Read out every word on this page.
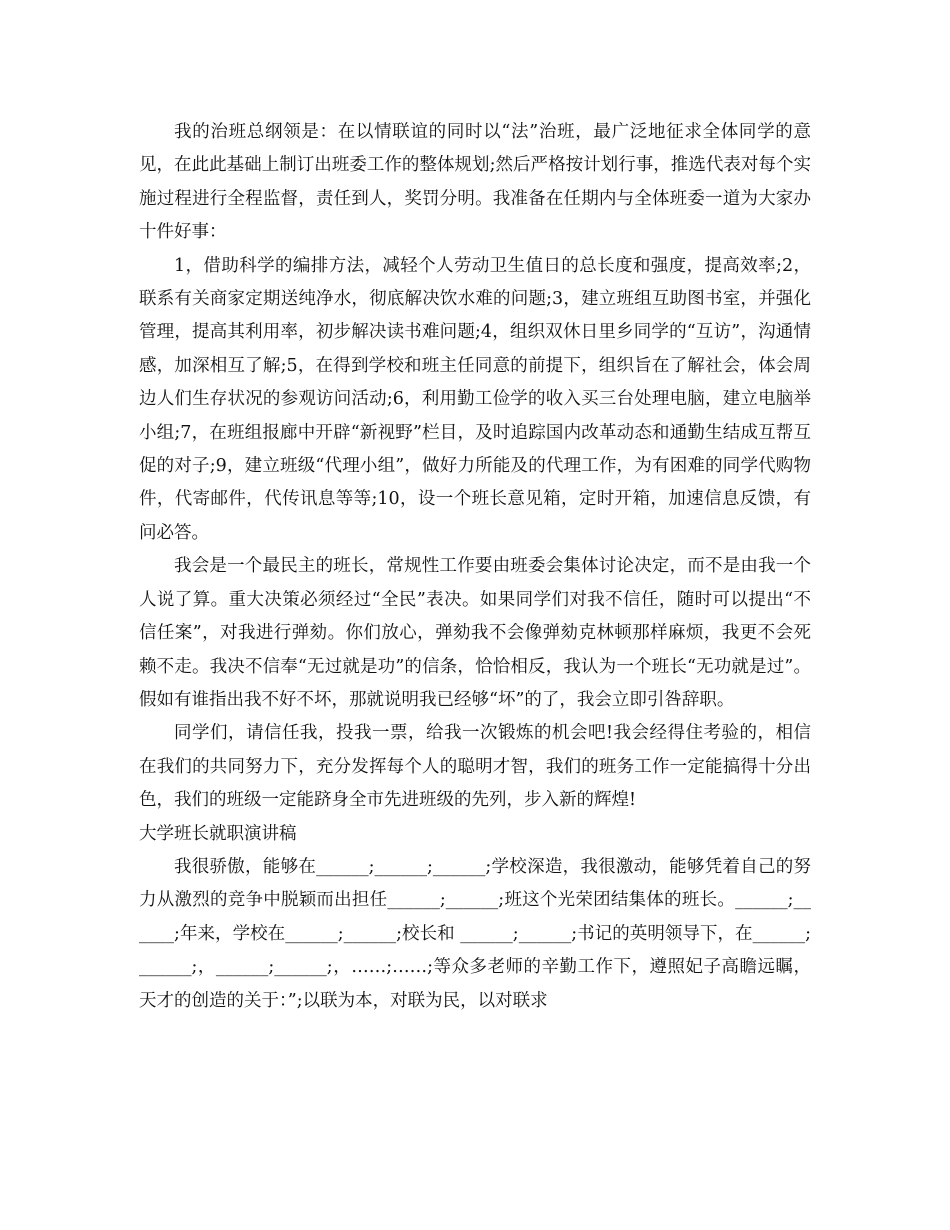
我的治班总纲领是：在以情联谊的同时以“法”治班，最广泛地征求全体同学的意见，在此此基础上制订出班委工作的整体规划;然后严格按计划行事，推选代表对每个实施过程进行全程监督，责任到人，奖罚分明。我准备在任期内与全体班委一道为大家办十件好事：

1，借助科学的编排方法，减轻个人劳动卫生值日的总长度和强度，提高效率;2，联系有关商家定期送纯净水，彻底解决饮水难的问题;3，建立班组互助图书室，并强化管理，提高其利用率，初步解决读书难问题;4，组织双休日里乡同学的“互访”，沟通情感，加深相互了解;5，在得到学校和班主任同意的前提下，组织旨在了解社会，体会周边人们生存状况的参观访问活动;6，利用勤工俭学的收入买三台处理电脑，建立电脑举小组;7，在班组报廊中开辟“新视野”栏目，及时追踪国内改革动态和通勤生结成互帮互促的对子;9，建立班级“代理小组”，做好力所能及的代理工作，为有困难的同学代购物件，代寄邮件，代传讯息等等;10，设一个班长意见箱，定时开箱，加速信息反馈，有问必答。

我会是一个最民主的班长，常规性工作要由班委会集体讨论决定，而不是由我一个人说了算。重大决策必须经过“全民”表决。如果同学们对我不信任，随时可以提出“不信任案”，对我进行弹劾。你们放心，弹劾我不会像弹劾克林顿那样麻烦，我更不会死赖不走。我决不信奉“无过就是功”的信条，恰恰相反，我认为一个班长“无功就是过”。假如有谁指出我不好不坏，那就说明我已经够“坏”的了，我会立即引咎辞职。

同学们，请信任我，投我一票，给我一次锻炼的机会吧!我会经得住考验的，相信在我们的共同努力下，充分发挥每个人的聪明才智，我们的班务工作一定能搞得十分出色，我们的班级一定能跻身全市先进班级的先列，步入新的辉煌!

大学班长就职演讲稿

我很骄傲，能够在______;______;______;学校深造，我很激动，能够凭着自己的努力从激烈的竞争中脱颖而出担任______;______;班这个光荣团结集体的班长。______;______;年来，学校在______;______;校长和 ______;______;书记的英明领导下，在______;______;，______;______;，……;……;等众多老师的辛勤工作下，遵照妃子高瞻远瞩，天才的创造的关于：”;以联为本，对联为民，以对联求
